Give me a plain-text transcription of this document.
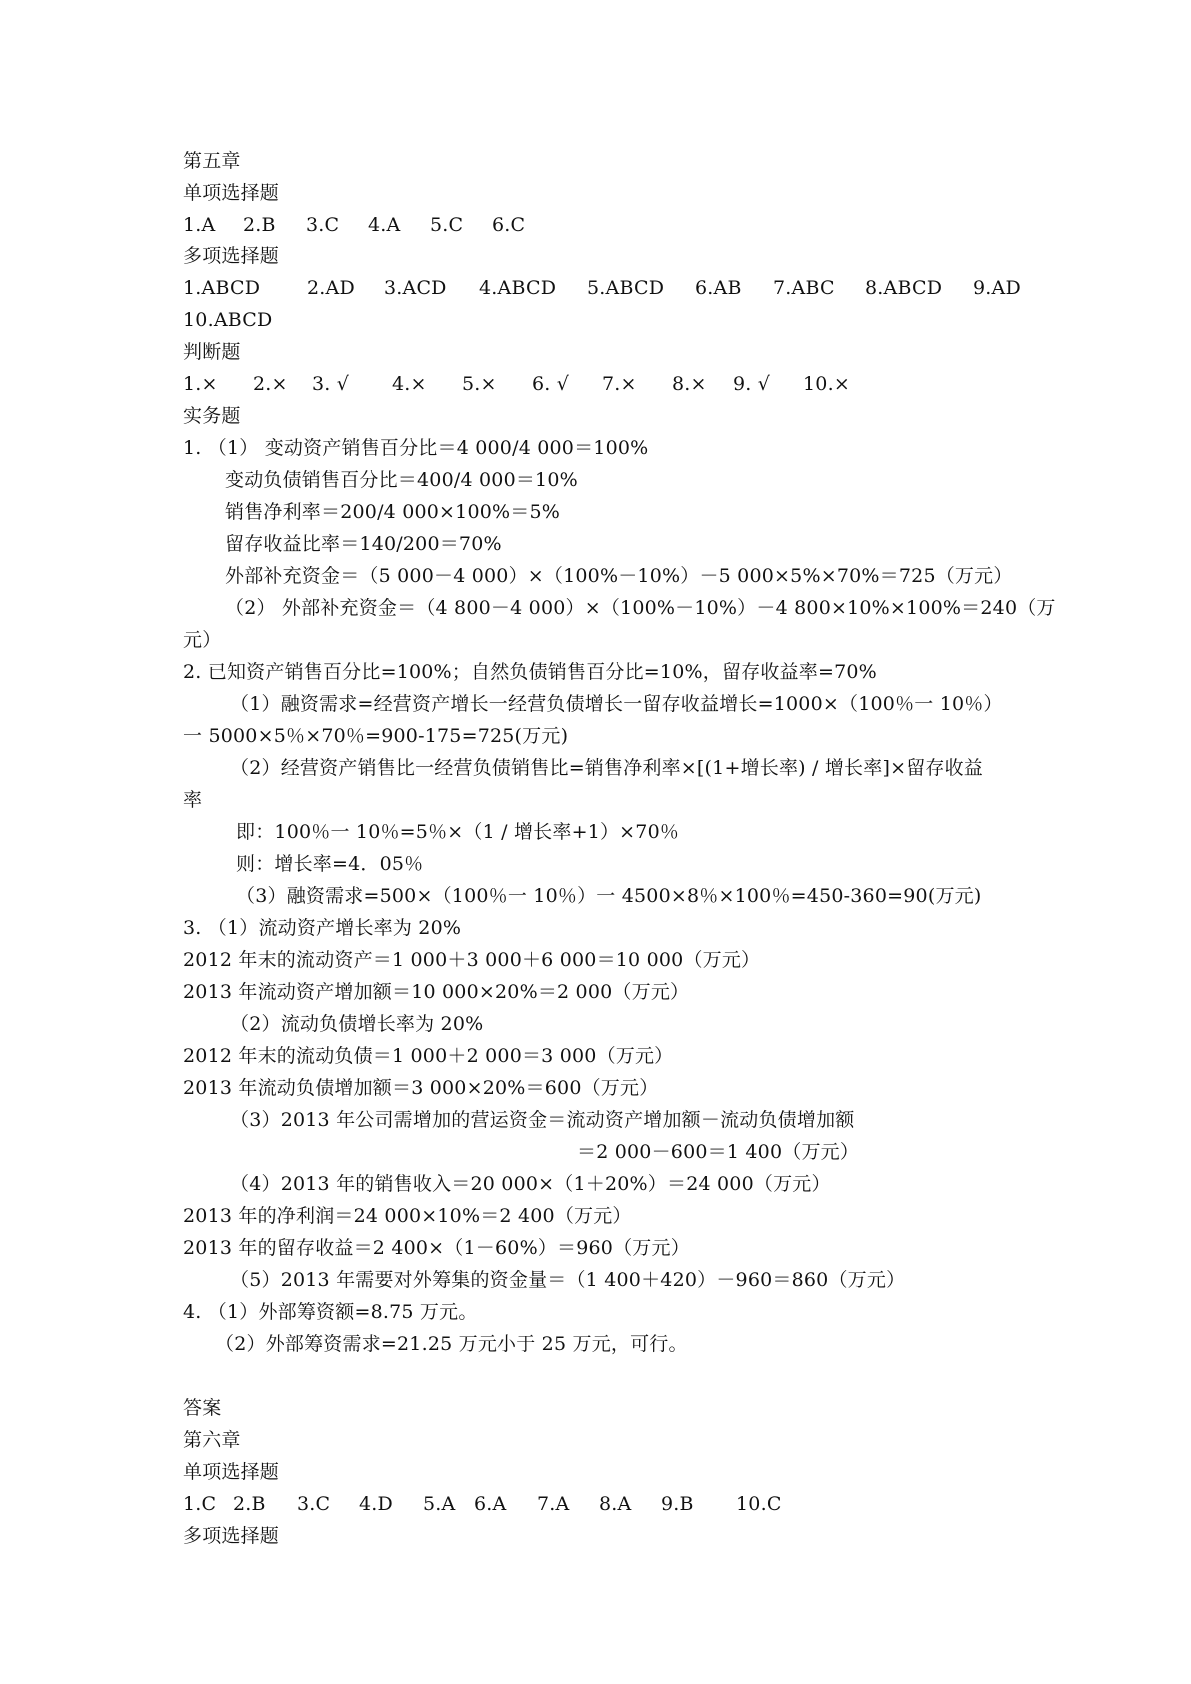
第五章
单项选择题
1.A 2.B 3.C 4.A 5.C 6.C
多项选择题
1.ABCD 2.AD 3.ACD 4.ABCD 5.ABCD 6.AB 7.ABC 8.ABCD 9.AD
10.ABCD
判断题
1.× 2.× 3. √ 4.× 5.× 6. √ 7.× 8.× 9. √ 10.×
实务题
1. （1） 变动资产销售百分比＝4 000/4 000＝100%
变动负债销售百分比＝400/4 000＝10%
销售净利率＝200/4 000×100%＝5%
留存收益比率＝140/200＝70%
外部补充资金＝（5 000－4 000）×（100%－10%）－5 000×5%×70%＝725（万元）
（2） 外部补充资金＝（4 800－4 000）×（100%－10%）－4 800×10%×100%＝240（万
元）
2. 已知资产销售百分比=100%；自然负债销售百分比=10%，留存收益率=70%
（1）融资需求=经营资产增长一经营负债增长一留存收益增长=1000×（100％一 10％）
一 5000×5％×70％=900-175=725(万元)
（2）经营资产销售比一经营负债销售比=销售净利率×[(1+增长率) / 增长率]×留存收益
率
即：100％一 10％=5％×（1 / 增长率+1）×70％
则：增长率=4．05％
（3）融资需求=500×（100％一 10％）一 4500×8％×100％=450-360=90(万元)
3. （1）流动资产增长率为 20%
2012 年末的流动资产＝1 000＋3 000＋6 000＝10 000（万元）
2013 年流动资产增加额＝10 000×20%＝2 000（万元）
（2）流动负债增长率为 20%
2012 年末的流动负债＝1 000＋2 000＝3 000（万元）
2013 年流动负债增加额＝3 000×20%＝600（万元）
（3）2013 年公司需增加的营运资金＝流动资产增加额－流动负债增加额
＝2 000－600＝1 400（万元）
（4）2013 年的销售收入＝20 000×（1＋20%）＝24 000（万元）
2013 年的净利润＝24 000×10%＝2 400（万元）
2013 年的留存收益＝2 400×（1－60%）＝960（万元）
（5）2013 年需要对外筹集的资金量＝（1 400＋420）－960＝860（万元）
4. （1）外部筹资额=8.75 万元。
（2）外部筹资需求=21.25 万元小于 25 万元，可行。
答案
第六章
单项选择题
1.C 2.B 3.C 4.D 5.A 6.A 7.A 8.A 9.B 10.C
多项选择题
